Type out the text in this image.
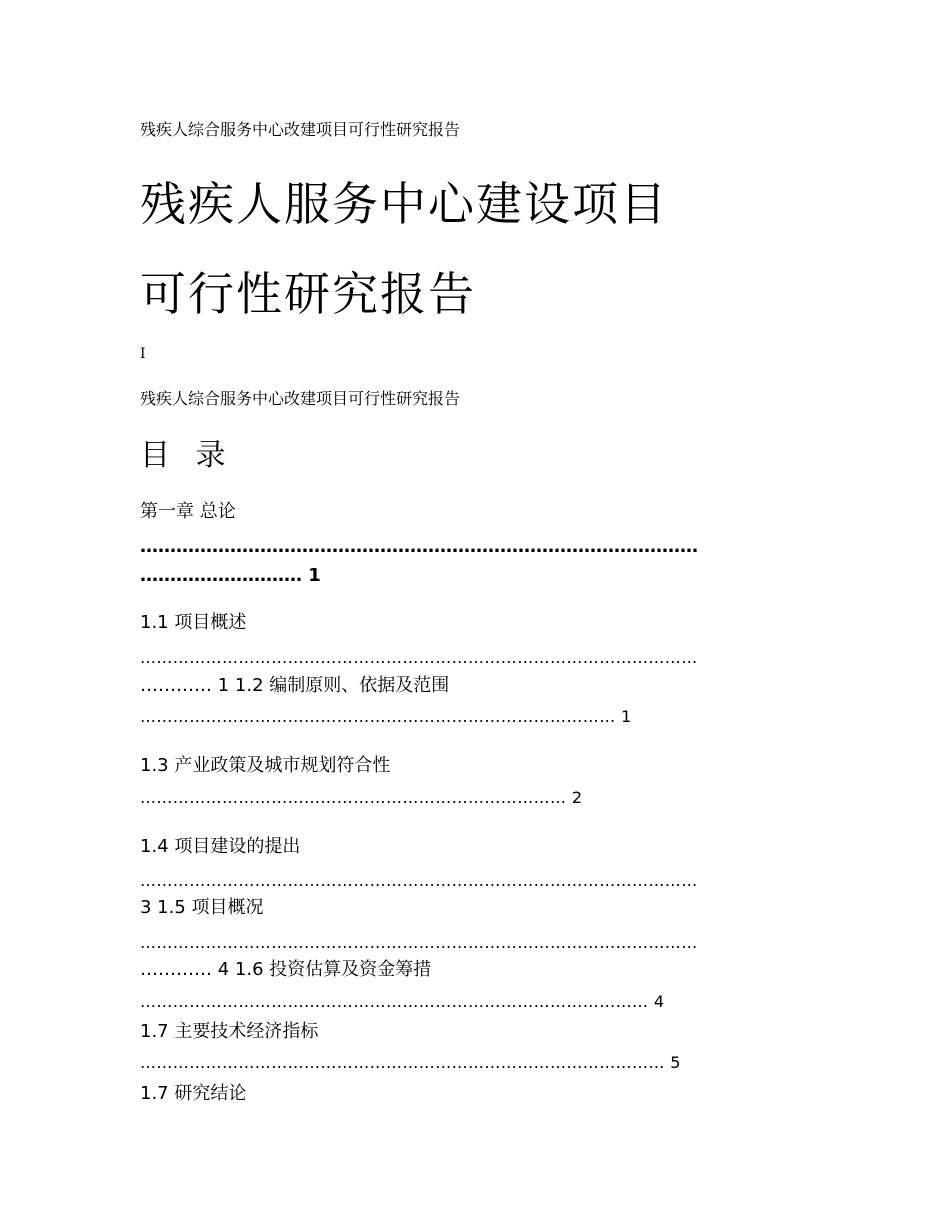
残疾人综合服务中心改建项目可行性研究报告
残疾人服务中心建设项目
可行性研究报告
I
残疾人综合服务中心改建项目可行性研究报告
目 录
第一章 总论
…………………………………………………………………………………
……………………… 1
1.1 项目概述
…………………………………………………………………………………………
………… 1 1.2 编制原则、依据及范围
…………………………………………………………………………… 1
1.3 产业政策及城市规划符合性
…………………………………………………………………… 2
1.4 项目建设的提出
…………………………………………………………………………………………
3 1.5 项目概况
…………………………………………………………………………………………
………… 4 1.6 投资估算及资金筹措
………………………………………………………………………………… 4
1.7 主要技术经济指标
…………………………………………………………………………………… 5
1.7 研究结论
